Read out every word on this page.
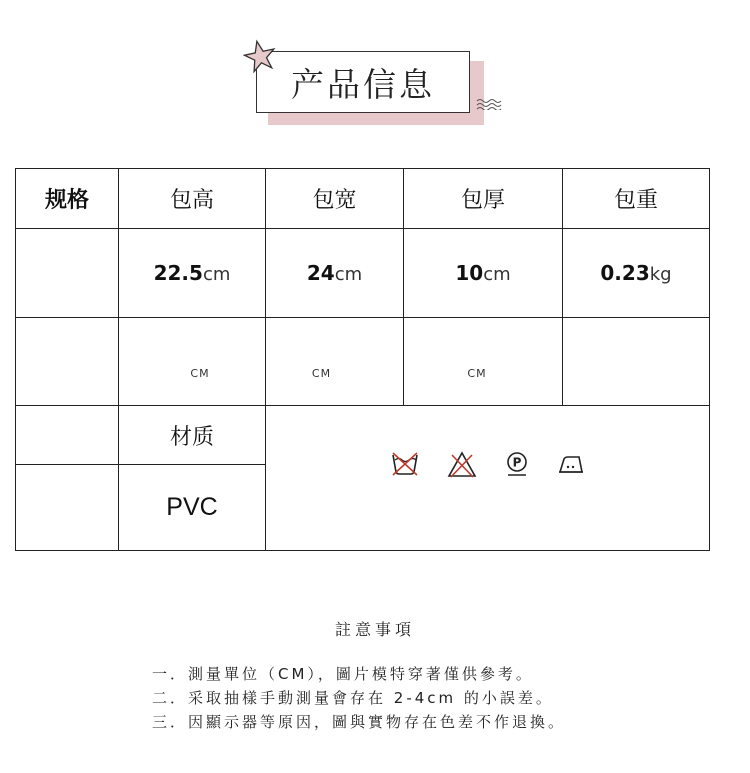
产品信息
规格	包高	包宽	包厚	包重
	22.5cm	24cm	10cm	0.23kg
	$_{CM}$	$_{CM}$	$_{CM}$	
	材质	P		

	PVC			
註意事項
一．測量單位（CM），圖片模特穿著僅供參考。
二．采取抽樣手動測量會存在 2-4cm 的小誤差。
三．因顯示器等原因，圖與實物存在色差不作退換。
